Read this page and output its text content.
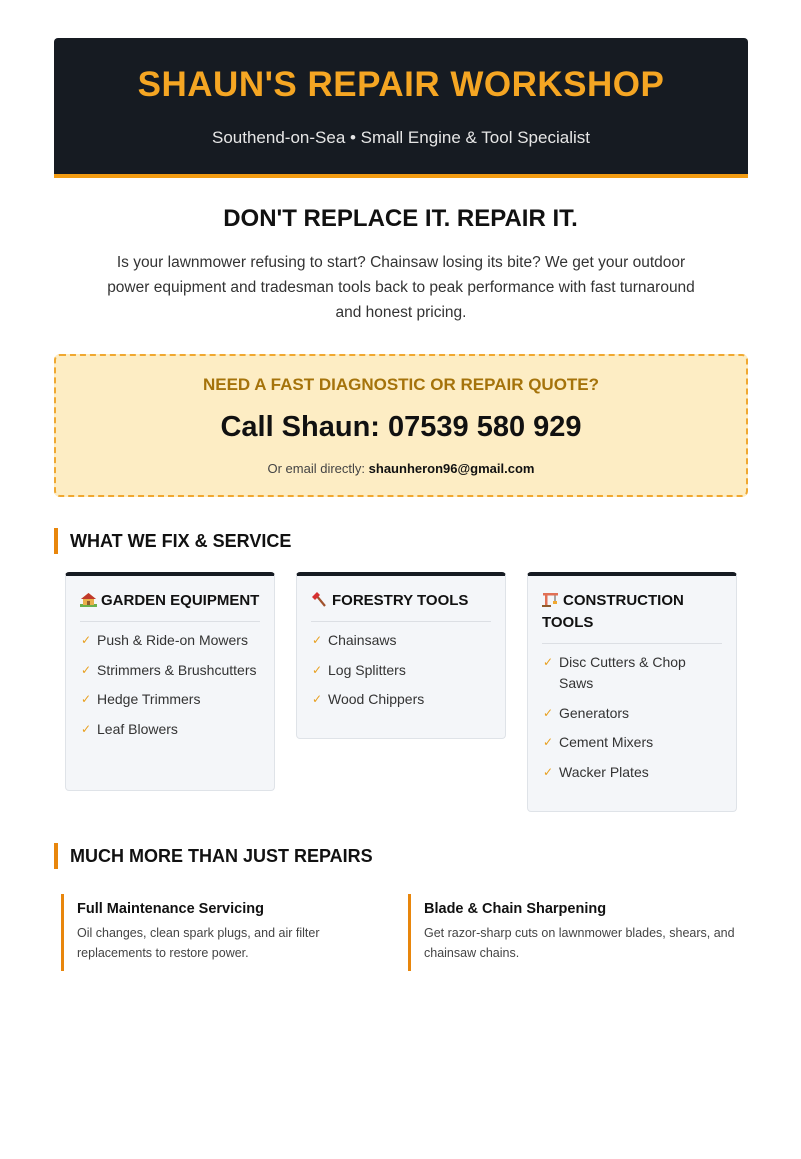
SHAUN'S REPAIR WORKSHOP
Southend-on-Sea • Small Engine & Tool Specialist
DON'T REPLACE IT. REPAIR IT.

Is your lawnmower refusing to start? Chainsaw losing its bite? We get your outdoor power equipment and tradesman tools back to peak performance with fast turnaround and honest pricing.

NEED A FAST DIAGNOSTIC OR REPAIR QUOTE?
Call Shaun: 07539 580 929
Or email directly: shaunheron96@gmail.com
WHAT WE FIX & SERVICE
GARDEN EQUIPMENT
✓ Push & Ride-on Mowers
✓ Strimmers & Brushcutters
✓ Hedge Trimmers
✓ Leaf Blowers
FORESTRY TOOLS
✓ Chainsaws
✓ Log Splitters
✓ Wood Chippers
CONSTRUCTION TOOLS
✓ Disc Cutters & Chop Saws
✓ Generators
✓ Cement Mixers
✓ Wacker Plates
MUCH MORE THAN JUST REPAIRS
Full Maintenance Servicing
Oil changes, clean spark plugs, and air filter replacements to restore power.
Blade & Chain Sharpening
Get razor-sharp cuts on lawnmower blades, shears, and chainsaw chains.
